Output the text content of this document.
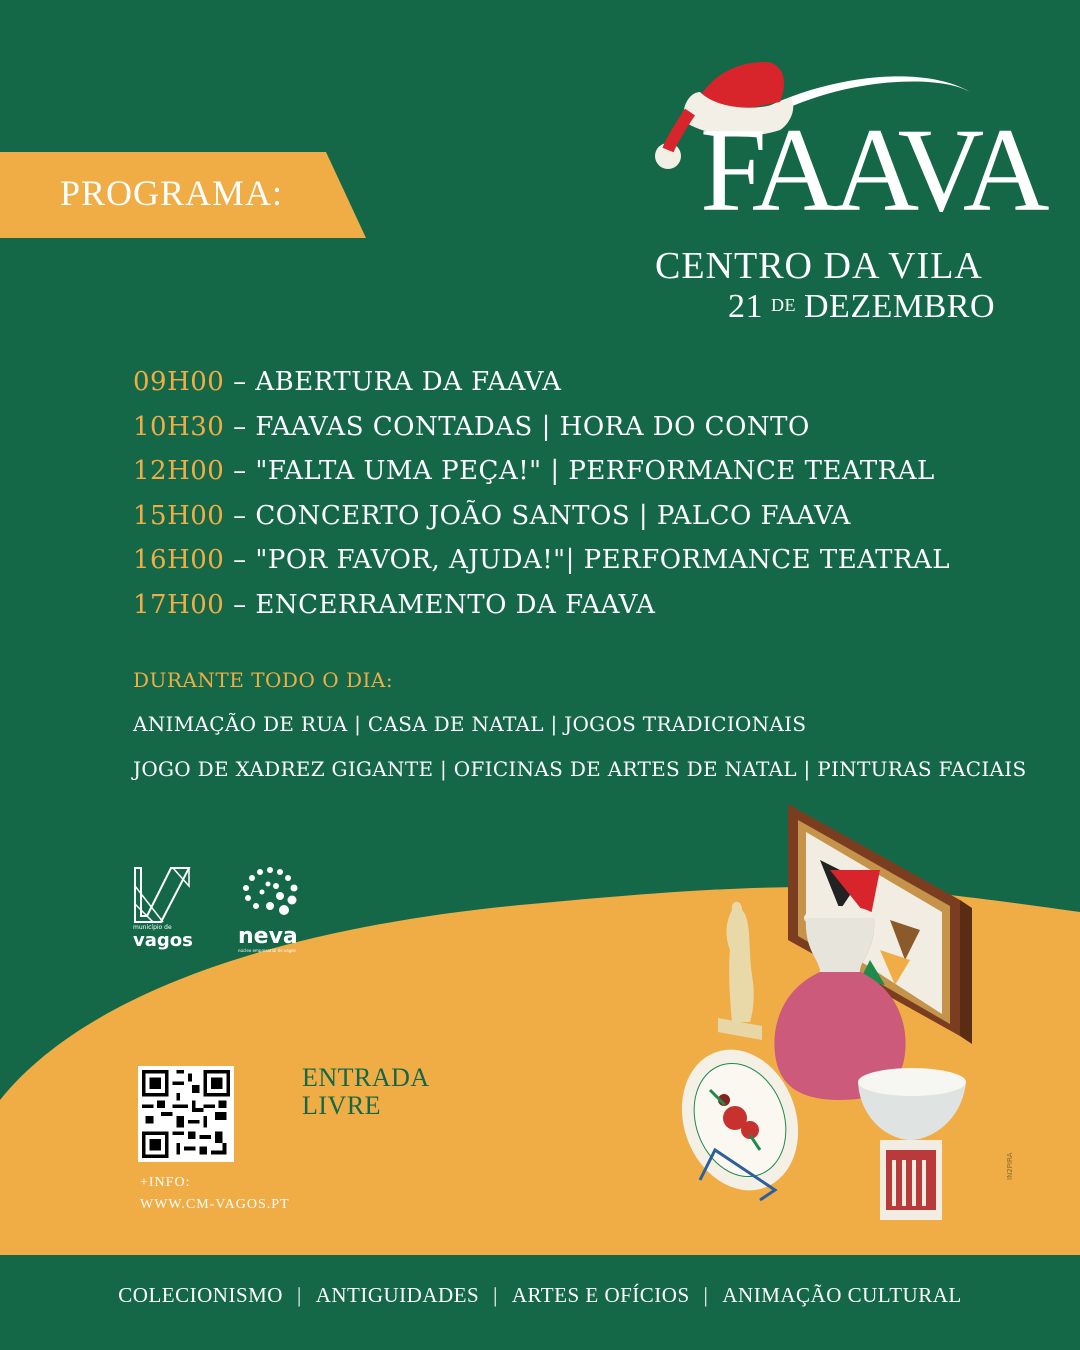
PROGRAMA:	FAAVA
CENTRO DA VILA
21 DE DEZEMBRO
09H00 – ABERTURA DA FAAVA
10H30 – FAAVAS CONTADAS | HORA DO CONTO
12H00 – "FALTA UMA PEÇA!" | PERFORMANCE TEATRAL
15H00 – CONCERTO JOÃO SANTOS | PALCO FAAVA
16H00 – "POR FAVOR, AJUDA!"| PERFORMANCE TEATRAL
17H00 – ENCERRAMENTO DA FAAVA
DURANTE TODO O DIA:
ANIMAÇÃO DE RUA | CASA DE NATAL | JOGOS TRADICIONAIS
JOGO DE XADREZ GIGANTE | OFICINAS DE ARTES DE NATAL | PINTURAS FACIAIS
município de
vagos neva
núcleo empresarial de vagos
ENTRADA
LIVRE
+INFO:
WWW.CM-VAGOS.PT
IN2PIRA
COLECIONISMO | ANTIGUIDADES | ARTES E OFÍCIOS | ANIMAÇÃO CULTURAL
